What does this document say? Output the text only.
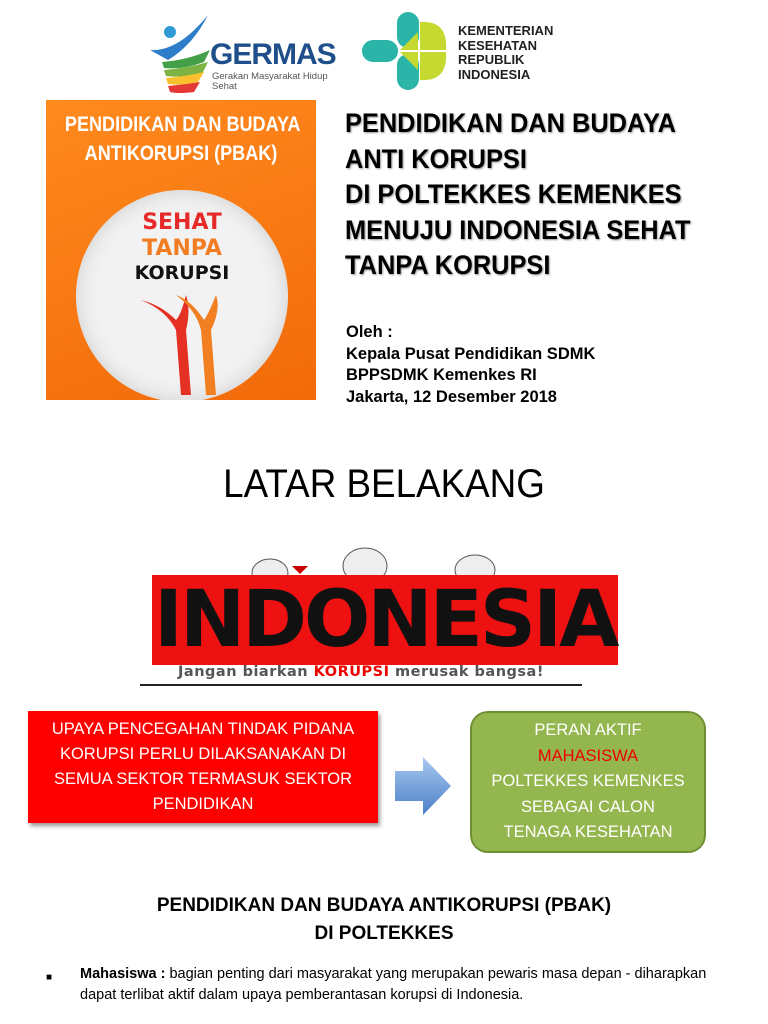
GERMAS
Gerakan Masyarakat Hidup Sehat
KEMENTERIAN
KESEHATAN
REPUBLIK
INDONESIA
PENDIDIKAN DAN BUDAYA
ANTIKORUPSI (PBAK)
SEHAT
TANPA
KORUPSI
PENDIDIKAN DAN BUDAYA
ANTI KORUPSI
DI POLTEKKES KEMENKES
MENUJU INDONESIA SEHAT
TANPA KORUPSI
Oleh :
Kepala Pusat Pendidikan SDMK
BPPSDMK Kemenkes RI
Jakarta, 12 Desember 2018
LATAR BELAKANG
INDONESIA
Jangan biarkan KORUPSI merusak bangsa!
UPAYA PENCEGAHAN TINDAK PIDANA
KORUPSI PERLU DILAKSANAKAN DI
SEMUA SEKTOR TERMASUK SEKTOR
PENDIDIKAN
PERAN AKTIF
MAHASISWA
POLTEKKES KEMENKES
SEBAGAI CALON
TENAGA KESEHATAN
PENDIDIKAN DAN BUDAYA ANTIKORUPSI (PBAK)
DI POLTEKKES
■ Mahasiswa : bagian penting dari masyarakat yang merupakan pewaris masa depan - diharapkan dapat terlibat aktif dalam upaya pemberantasan korupsi di Indonesia.
